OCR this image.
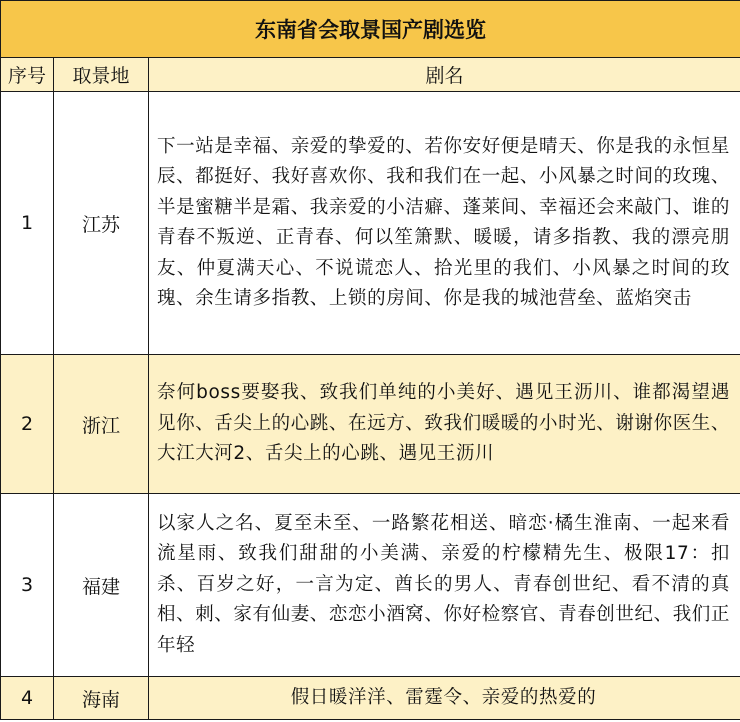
东南省会取景国产剧选览		
序号	取景地	剧名
1	江苏	下一站是幸福、亲爱的挚爱的、若你安好便是晴天、你是我的永恒星辰、都挺好、我好喜欢你、我和我们在一起、小风暴之时间的玫瑰、半是蜜糖半是霜、我亲爱的小洁癖、蓬莱间、幸福还会来敲门、谁的青春不叛逆、正青春、何以笙箫默、暖暖，请多指教、我的漂亮朋友、仲夏满天心、不说谎恋人、拾光里的我们、小风暴之时间的玫瑰、余生请多指教、上锁的房间、你是我的城池营垒、蓝焰突击
2	浙江	奈何boss要娶我、致我们单纯的小美好、遇见王沥川、谁都渴望遇见你、舌尖上的心跳、在远方、致我们暖暖的小时光、谢谢你医生、大江大河2、舌尖上的心跳、遇见王沥川
3	福建	以家人之名、夏至未至、一路繁花相送、暗恋·橘生淮南、一起来看流星雨、致我们甜甜的小美满、亲爱的柠檬精先生、极限17：扣杀、百岁之好，一言为定、酋长的男人、青春创世纪、看不清的真相、刺、家有仙妻、恋恋小酒窝、你好检察官、青春创世纪、我们正年轻
4	海南	假日暖洋洋、雷霆令、亲爱的热爱的
